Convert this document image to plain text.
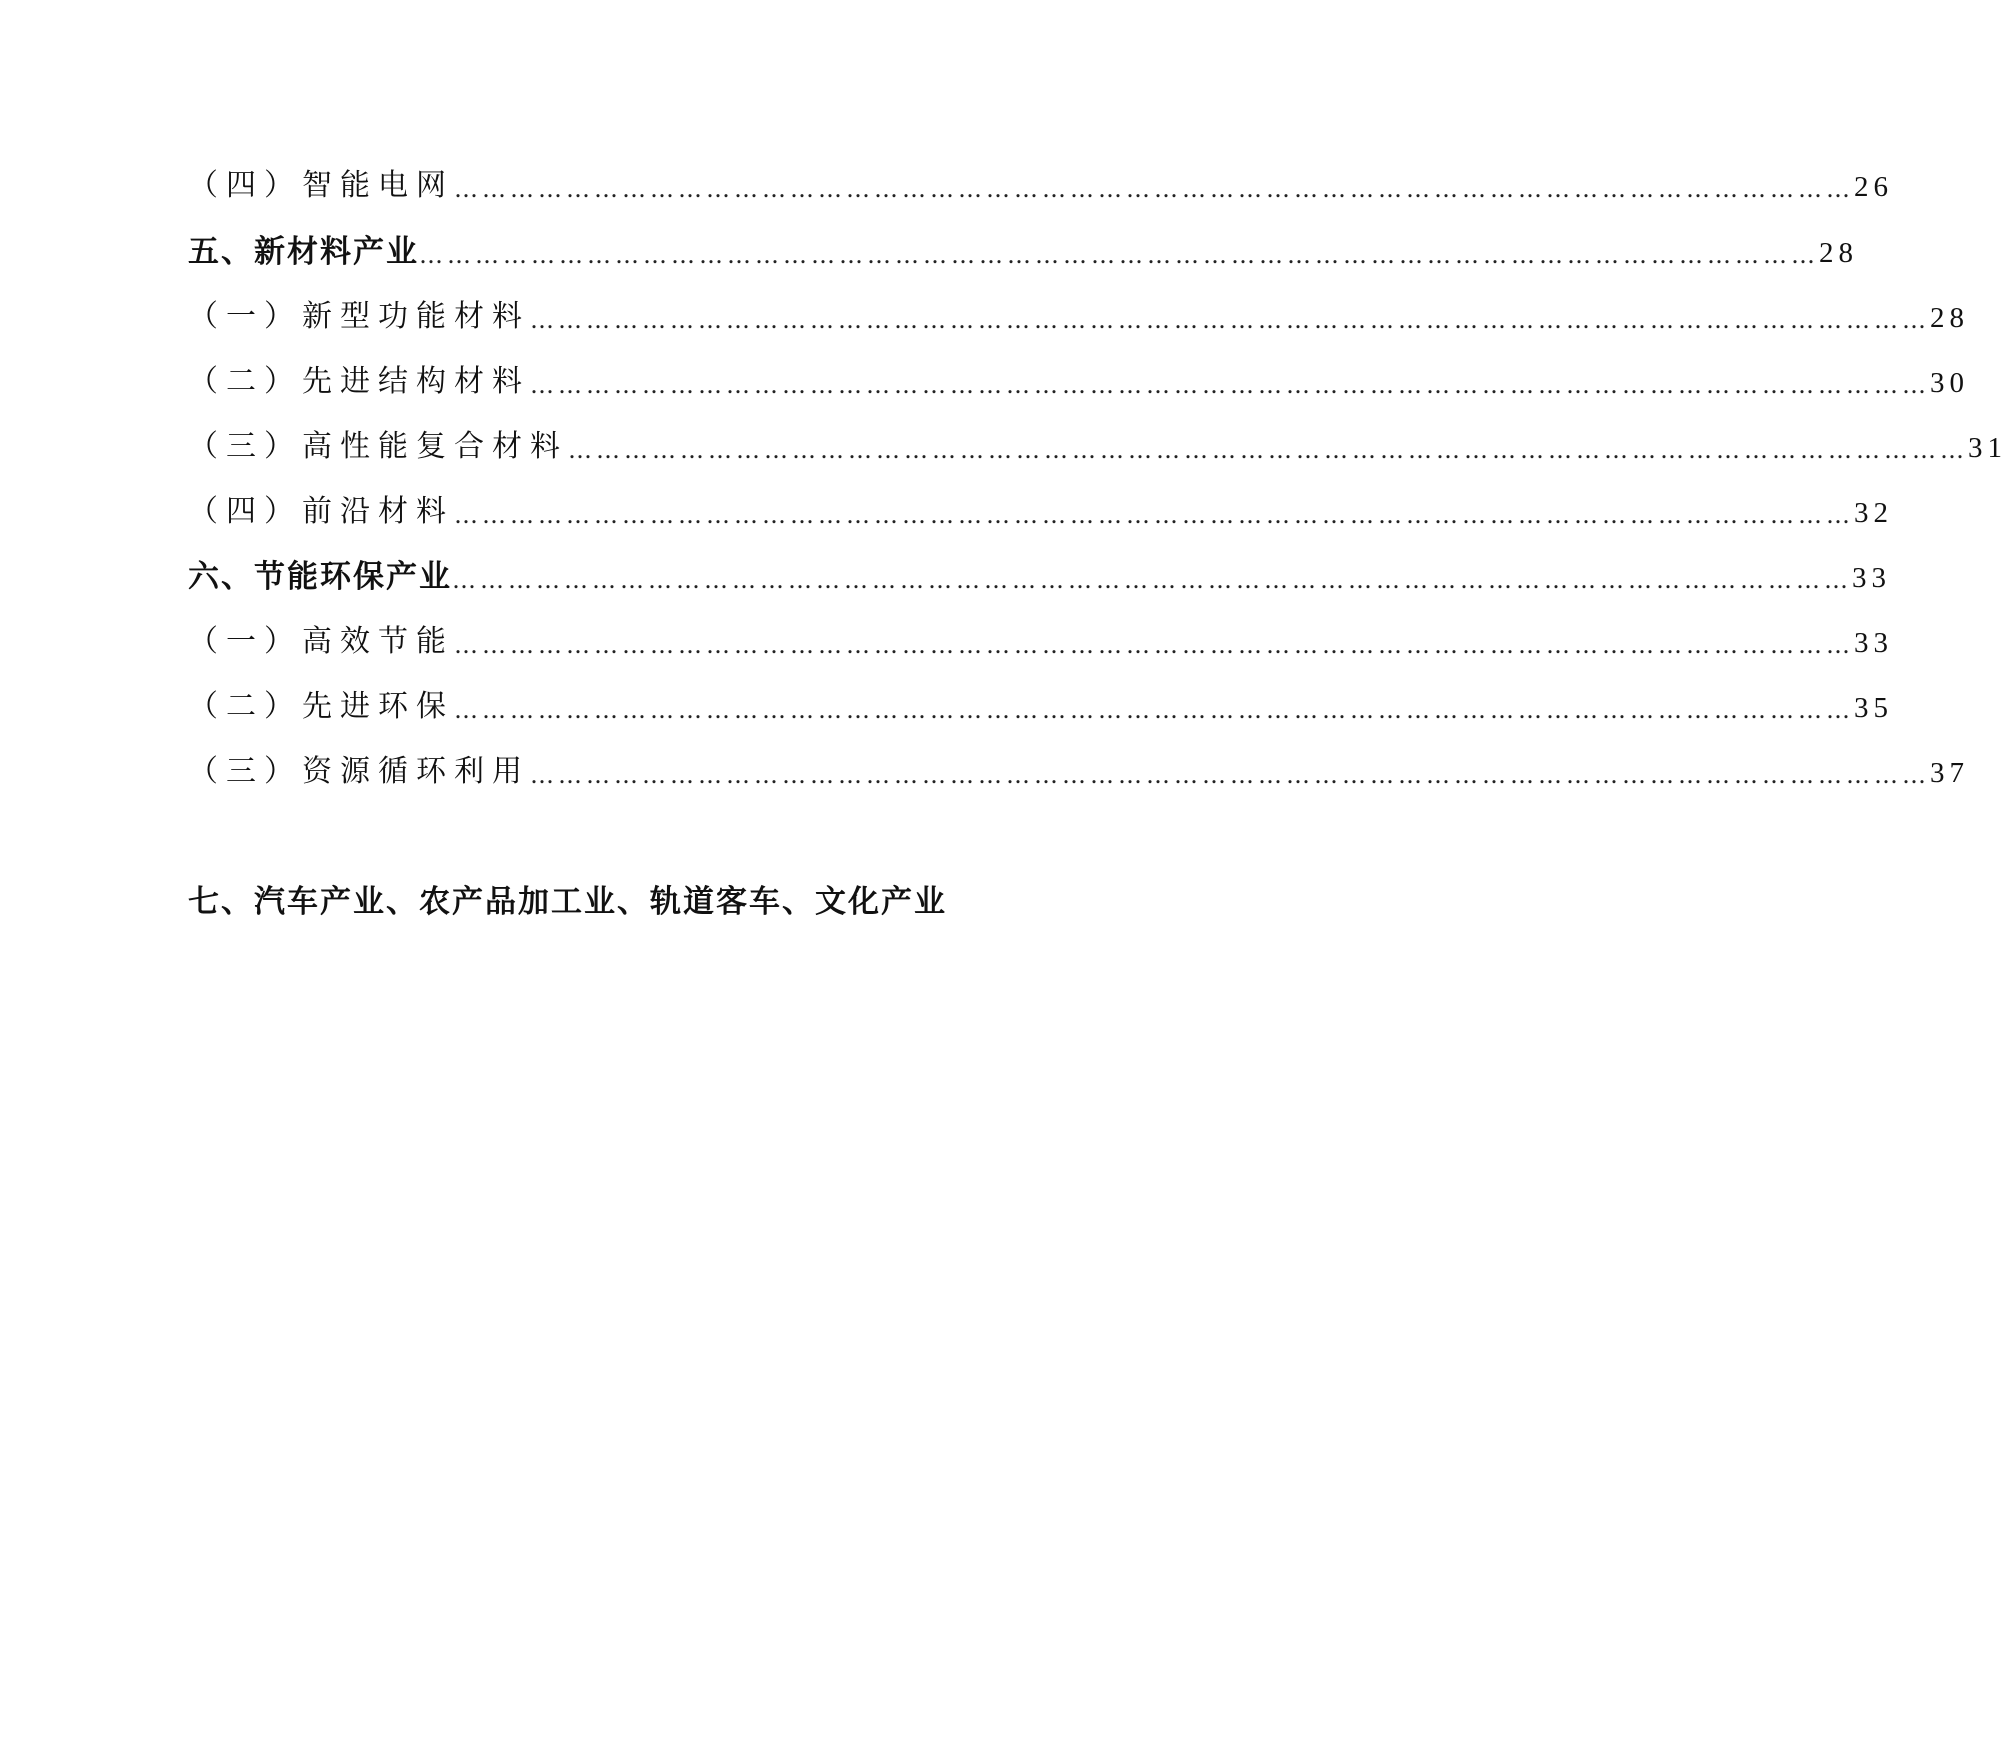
（四）智能电网 ……………………………………………………………………………………………………………………………………	26
五、新材料产业 ……………………………………………………………………………………………………………………………………	28
（一）新型功能材料 ……………………………………………………………………………………………………………………………………	28
（二）先进结构材料 ……………………………………………………………………………………………………………………………………	30
（三）高性能复合材料 ……………………………………………………………………………………………………………………………………	31
（四）前沿材料 ……………………………………………………………………………………………………………………………………	32
六、节能环保产业 ……………………………………………………………………………………………………………………………………	33
（一）高效节能 ……………………………………………………………………………………………………………………………………	33
（二）先进环保 ……………………………………………………………………………………………………………………………………	35
（三）资源循环利用 ……………………………………………………………………………………………………………………………………	37
七、汽车产业、农产品加工业、轨道客车、文化产业
